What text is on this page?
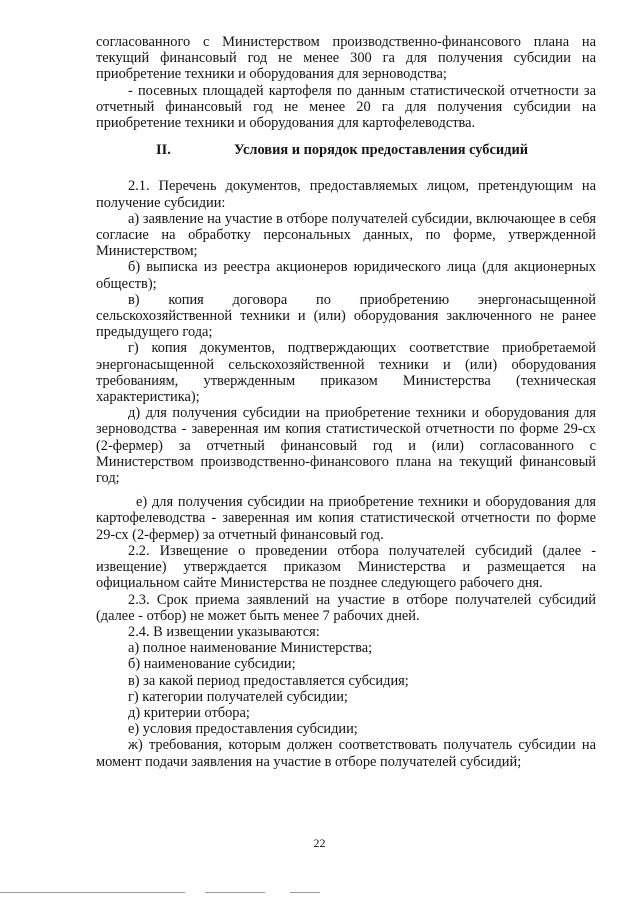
согласованного с Министерством производственно-финансового плана на текущий финансовый год не менее 300 га для получения субсидии на приобретение техники и оборудования для зерноводства;

- посевных площадей картофеля по данным статистической отчетности за отчетный финансовый год не менее 20 га для получения субсидии на приобретение техники и оборудования для картофелеводства.

II.	Условия и порядок предоставления субсидий

2.1. Перечень документов, предоставляемых лицом, претендующим на получение субсидии:

а) заявление на участие в отборе получателей субсидии, включающее в себя согласие на обработку персональных данных, по форме, утвержденной Министерством;

б) выписка из реестра акционеров юридического лица (для акционерных обществ);

в) копия договора по приобретению энергонасыщенной сельскохозяйственной техники и (или) оборудования заключенного не ранее предыдущего года;

г) копия документов, подтверждающих соответствие приобретаемой энергонасыщенной сельскохозяйственной техники и (или) оборудования требованиям, утвержденным приказом Министерства (техническая характеристика);

д) для получения субсидии на приобретение техники и оборудования для зерноводства - заверенная им копия статистической отчетности по форме 29-сх (2-фермер) за отчетный финансовый год и (или) согласованного с Министерством производственно-финансового плана на текущий финансовый год;

е) для получения субсидии на приобретение техники и оборудования для картофелеводства - заверенная им копия статистической отчетности по форме 29-сх (2-фермер) за отчетный финансовый год.

2.2. Извещение о проведении отбора получателей субсидий (далее - извещение) утверждается приказом Министерства и размещается на официальном сайте Министерства не позднее следующего рабочего дня.

2.3. Срок приема заявлений на участие в отборе получателей субсидий (далее - отбор) не может быть менее 7 рабочих дней.

2.4. В извещении указываются:

а) полное наименование Министерства;

б) наименование субсидии;

в) за какой период предоставляется субсидия;

г) категории получателей субсидии;

д) критерии отбора;

е) условия предоставления субсидии;

ж) требования, которым должен соответствовать получатель субсидии на момент подачи заявления на участие в отборе получателей субсидий;

22
